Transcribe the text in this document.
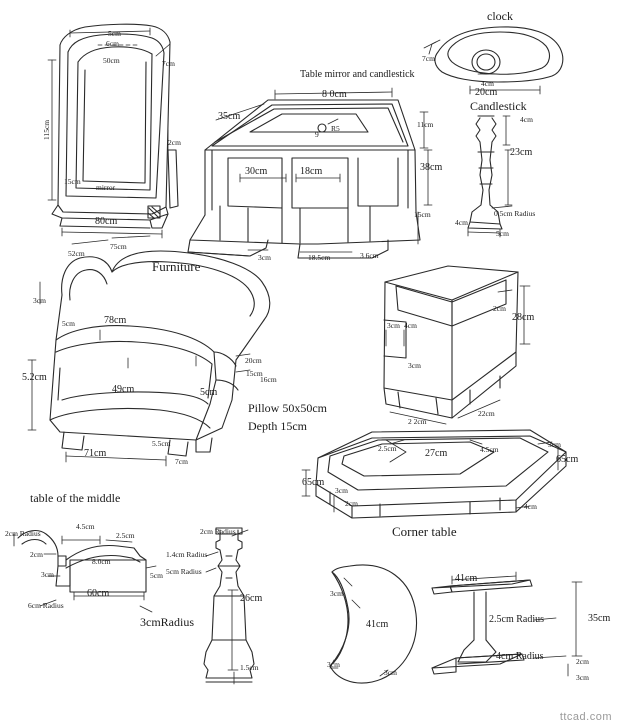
5cm
6cm
50cm
115cm
15cm
mirror
80cm
2cm
7cm
Table mirror and candlestick
8 0cm
35cm
9
R5	11cm
30cm	18cm	38cm
15cm
3cm	18.5cm	3 6cm
clock
7cm
4cm
20cm
Candlestick
4cm
23cm
0.5cm Radius
4cm
5cm
Furniture
52cm
75cm
3cm
5cm	78cm
20cm
15cm
16cm
5.2cm
49cm	5cm
71cm
5.5cm
7cm
Pillow 50x50cm
Depth 15cm
2cm
28cm
3cm 4cm
3cm
2 2cm
22cm
Corner table
2.5cm	27cm	4.5cm
3cm
65cm
65cm
3cm
2cm	4cm
table of the middle
2cm Radius
4.5cm
2.5cm
2cm
3cm
8.0cm
5cm
60cm
6cm Radius
3cmRadius
2cm Radius
1.4cm Radius
5cm Radius
26cm
1.5cm
3cm
41cm
3cm
3cm
41cm
2.5cm Radius	35cm
4cm Radius	2cm
3cm
ttcad.com
